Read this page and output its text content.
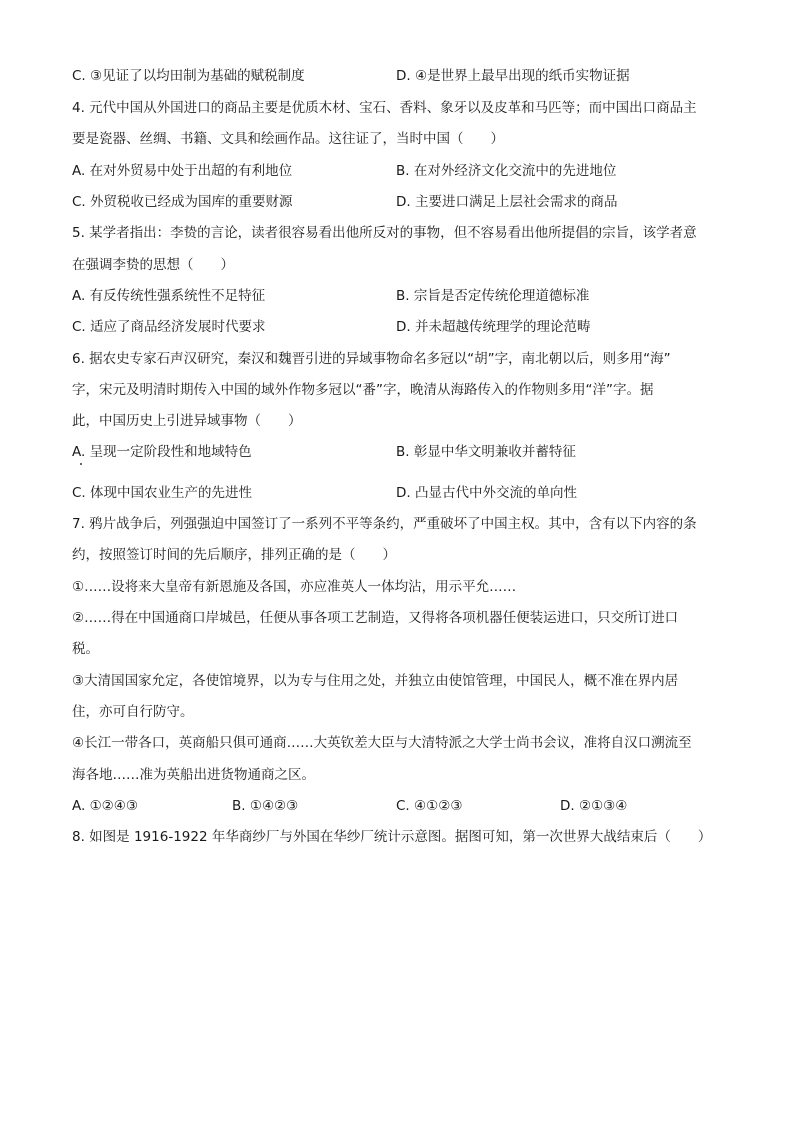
C. ③见证了以均田制为基础的赋税制度	D. ④是世界上最早出现的纸币实物证据
4. 元代中国从外国进口的商品主要是优质木材、宝石、香料、象牙以及皮革和马匹等；而中国出口商品主
要是瓷器、丝绸、书籍、文具和绘画作品。这往证了，当时中国（　　）
A. 在对外贸易中处于出超的有利地位	B. 在对外经济文化交流中的先进地位
C. 外贸税收已经成为国库的重要财源	D. 主要进口满足上层社会需求的商品
5. 某学者指出：李贽的言论，读者很容易看出他所反对的事物，但不容易看出他所提倡的宗旨，该学者意
在强调李贽的思想（　　）
A. 有反传统性强系统性不足特征	B. 宗旨是否定传统伦理道德标准
C. 适应了商品经济发展时代要求	D. 并未超越传统理学的理论范畴
6. 据农史专家石声汉研究，秦汉和魏晋引进的异域事物命名多冠以“胡”字，南北朝以后，则多用“海”
字，宋元及明清时期传入中国的域外作物多冠以“番”字，晚清从海路传入的作物则多用“洋”字。据
此，中国历史上引进异域事物（　　）
A. 呈现一定阶段性和地域特色	B. 彰显中华文明兼收并蓄特征
C. 体现中国农业生产的先进性	D. 凸显古代中外交流的单向性
7. 鸦片战争后，列强强迫中国签订了一系列不平等条约，严重破坏了中国主权。其中，含有以下内容的条
约，按照签订时间的先后顺序，排列正确的是（　　）
①……设将来大皇帝有新恩施及各国，亦应准英人一体均沾，用示平允……
②……得在中国通商口岸城邑，任便从事各项工艺制造，又得将各项机器任便装运进口，只交所订进口
税。
③大清国国家允定，各使馆境界，以为专与住用之处，并独立由使馆管理，中国民人，概不准在界内居
住，亦可自行防守。
④长江一带各口，英商船只俱可通商……大英钦差大臣与大清特派之大学士尚书会议，准将自汉口溯流至
海各地……准为英船出进货物通商之区。
A. ①②④③	B. ①④②③	C. ④①②③	D. ②①③④
8. 如图是 1916-1922 年华商纱厂与外国在华纱厂统计示意图。据图可知，第一次世界大战结束后（　　）
